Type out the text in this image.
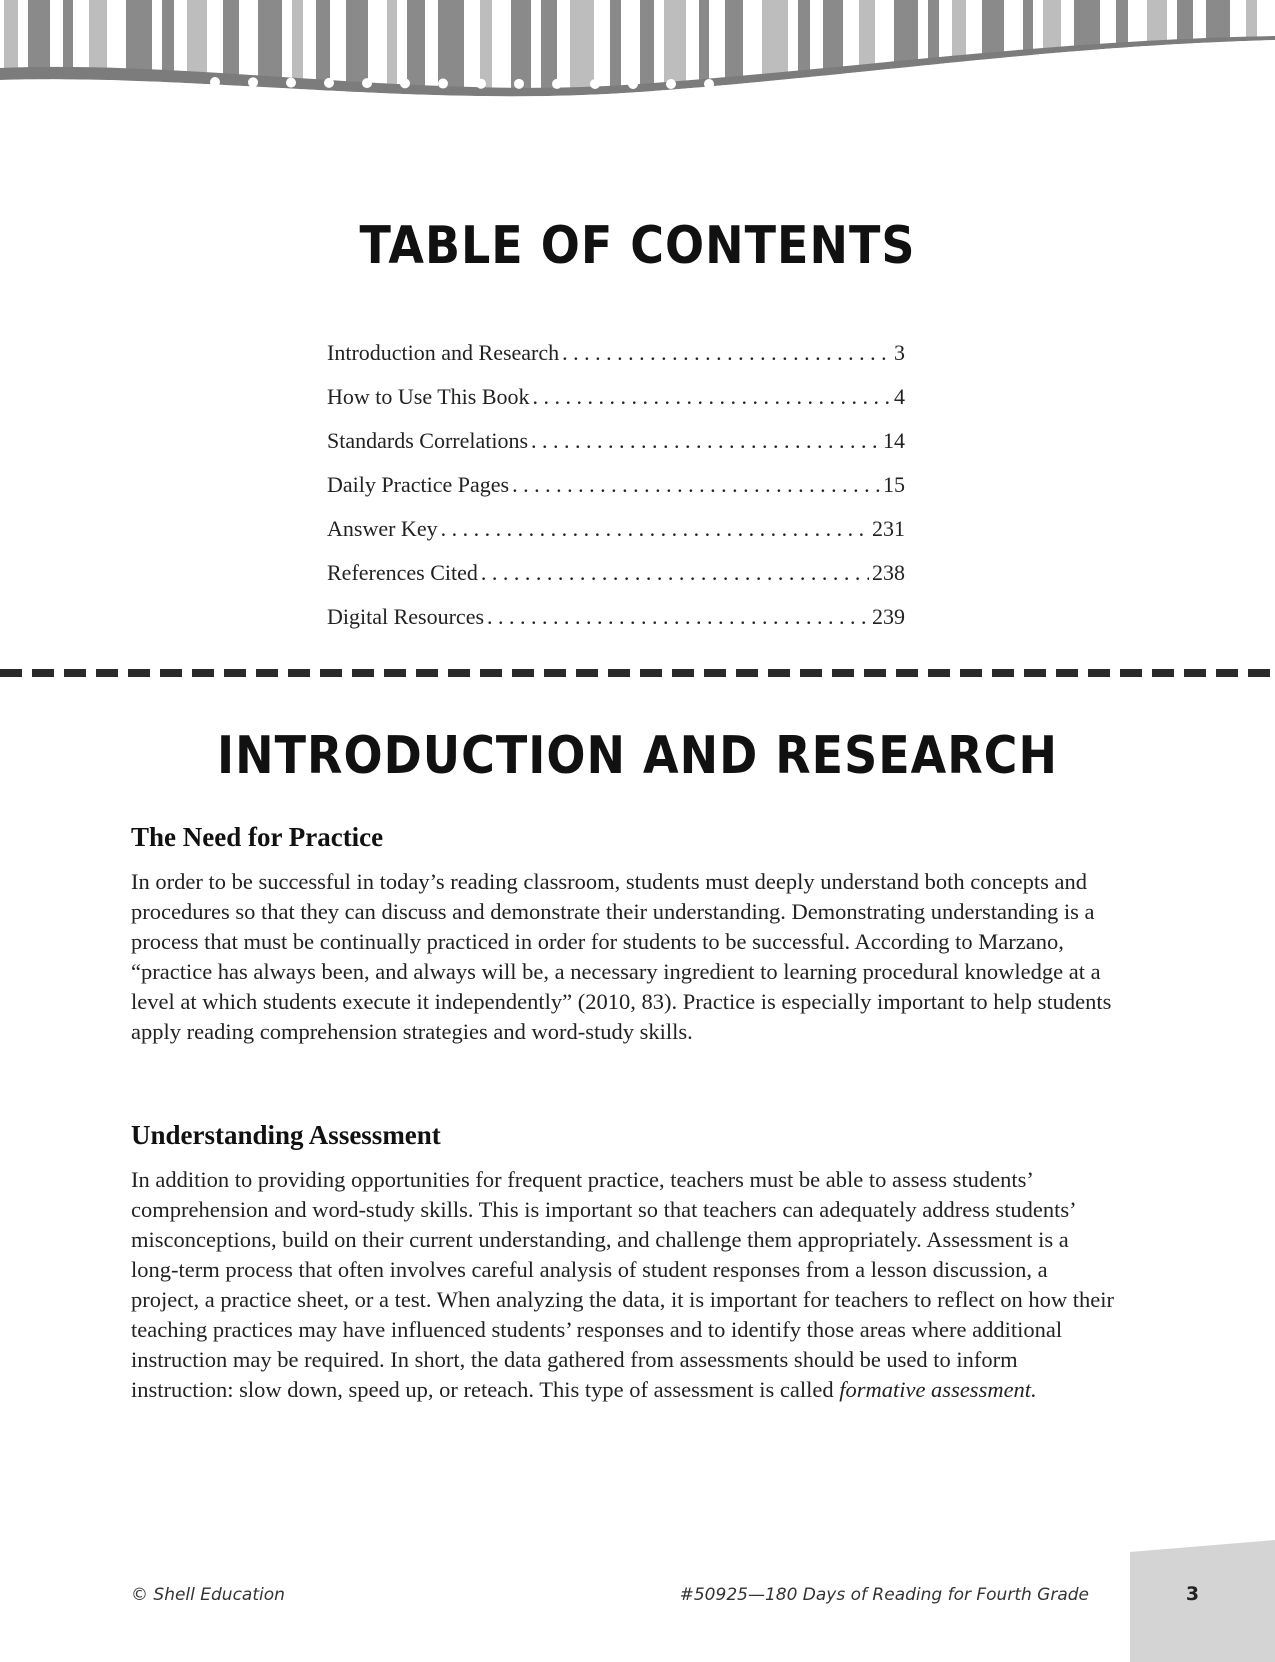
TABLE OF CONTENTS
Introduction and Research . . .	3
How to Use This Book . . .	4
Standards Correlations . . .	14
Daily Practice Pages . . .	15
Answer Key . . .	231
References Cited . . .	238
Digital Resources . . .	239
INTRODUCTION AND RESEARCH
The Need for Practice

In order to be successful in today’s reading classroom, students must deeply understand both concepts and procedures so that they can discuss and demonstrate their understanding. Demonstrating understanding is a process that must be continually practiced in order for students to be successful. According to Marzano, “practice has always been, and always will be, a necessary ingredient to learning procedural knowledge at a level at which students execute it independently” (2010, 83). Practice is especially important to help students apply reading comprehension strategies and word-study skills.

Understanding Assessment

In addition to providing opportunities for frequent practice, teachers must be able to assess students’ comprehension and word-study skills. This is important so that teachers can adequately address students’ misconceptions, build on their current understanding, and challenge them appropriately. Assessment is a long-term process that often involves careful analysis of student responses from a lesson discussion, a project, a practice sheet, or a test. When analyzing the data, it is important for teachers to reflect on how their teaching practices may have influenced students’ responses and to identify those areas where additional instruction may be required. In short, the data gathered from assessments should be used to inform instruction: slow down, speed up, or reteach. This type of assessment is called formative assessment.

© Shell Education	#50925—180 Days of Reading for Fourth Grade	3
